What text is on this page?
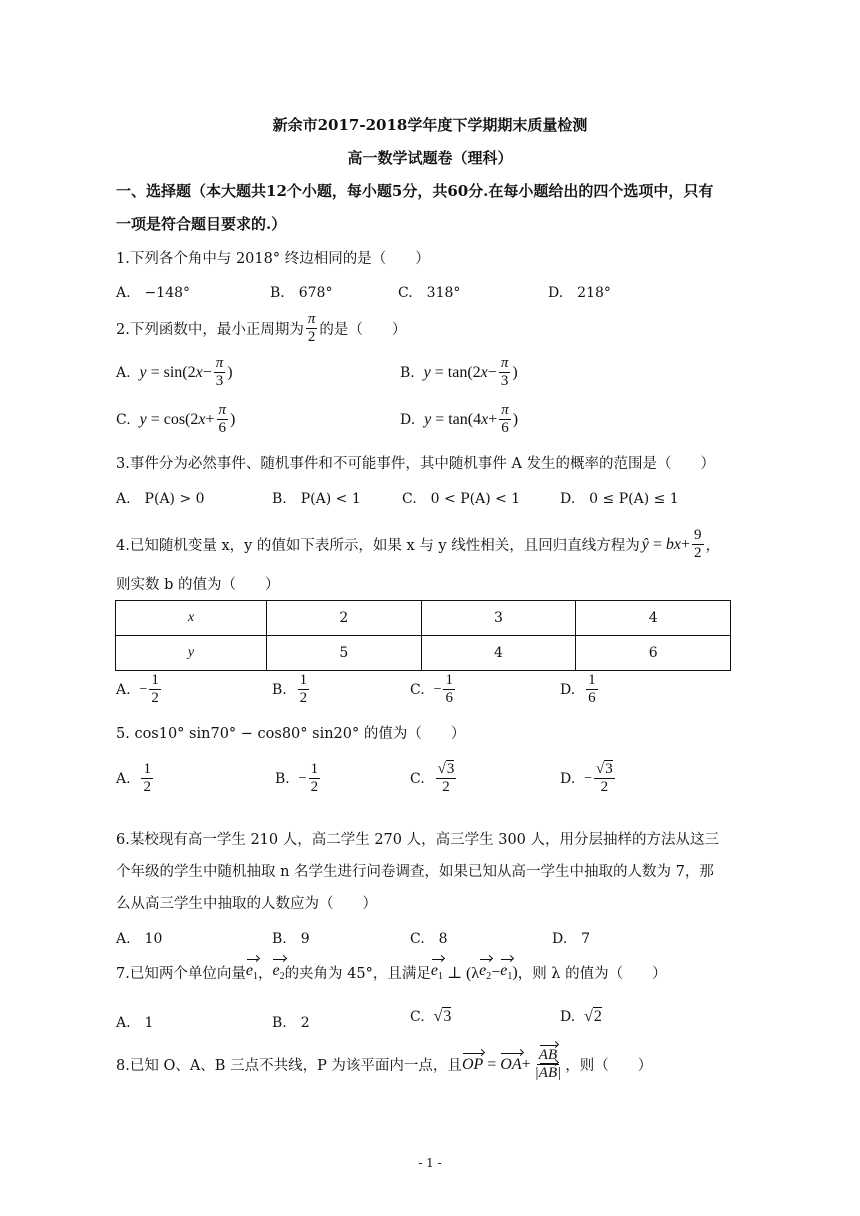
新余市2017-2018学年度下学期期末质量检测
高一数学试题卷（理科）
一、选择题（本大题共12个小题，每小题5分，共60分.在每小题给出的四个选项中，只有
一项是符合题目要求的.）
1.下列各个角中与 2018° 终边相同的是（　　）
A.　−148°	B.　678°	C.　318°	D.　218°
2.下列函数中，最小正周期为 $\frac{\pi}{2}$ 的是（　　）
A.
y = sin(2 $x - \frac{\pi}{3}$ )	B.
y = tan(2 $x - \frac{\pi}{3}$ )
C.
y = cos(2 $x + \frac{\pi}{6}$ )	D.
y = tan(4 $x + \frac{\pi}{6}$ )
3.事件分为必然事件、随机事件和不可能事件，其中随机事件 A 发生的概率的范围是（　　）
A.　P(A) > 0	B.　P(A) < 1	C.　0 < P(A) < 1	D.　0 ≤ P(A) ≤ 1
4.已知随机变量 x，y 的值如下表所示，如果 x 与 y 线性相关，且回归直线方程为 ŷ = bx + $\frac{9}{2}$ ，
则实数 b 的值为（　　）
x	2	3	4
y	5	4	6
A.
− $\frac{1}{2}$	B.
$\frac{1}{2}$	C.
− $\frac{1}{6}$	D.
$\frac{1}{6}$
5. cos10° sin70° − cos80° sin20° 的值为（　　）
A.
$\frac{1}{2}$	B.
− $\frac{1}{2}$	C.
$\frac{√3}{2}$	D.
− $\frac{√3}{2}$
6.某校现有高一学生 210 人，高二学生 270 人，高三学生 300 人，用分层抽样的方法从这三
个年级的学生中随机抽取 n 名学生进行问卷调查，如果已知从高一学生中抽取的人数为 7，那
么从高三学生中抽取的人数应为（　　）
A.　10	B.　9	C.　8	D.　7
7.已知两个单位向量 $e_1$ ， $e_2$ 的夹角为 45°，且满足 $e_1$ ⊥ (λ $e_2 - e_1$ ) ，则 λ 的值为（　　）
A.　1	B.　2	C.
√3	D.
√2
8.已知 O、A、B 三点不共线，P 为该平面内一点，且 OP = OA + $\frac{AB}{|AB|}$ ，则（　　）
- 1 -
